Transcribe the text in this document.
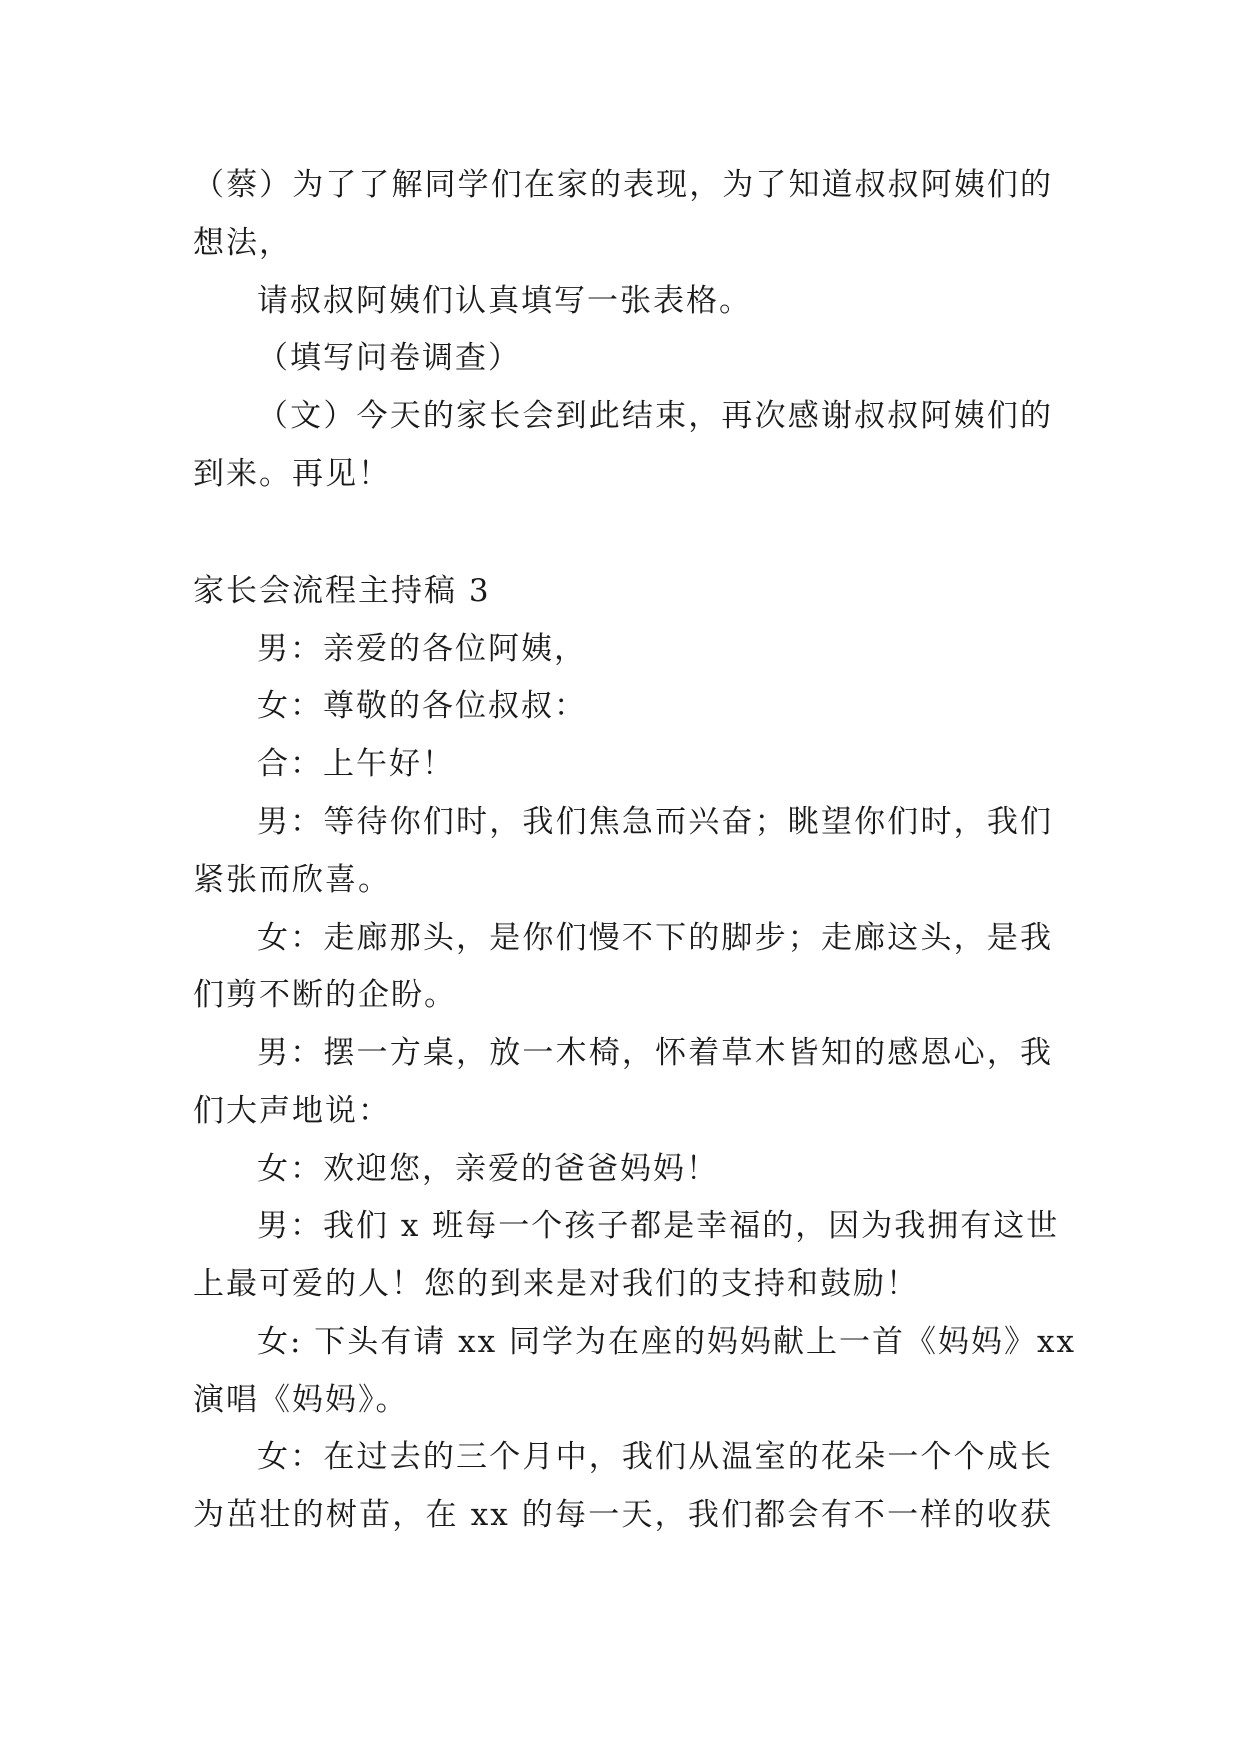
（蔡）为了了解同学们在家的表现，为了知道叔叔阿姨们的
想法，
请叔叔阿姨们认真填写一张表格。
（填写问卷调查）
（文）今天的家长会到此结束，再次感谢叔叔阿姨们的
到来。再见！
家长会流程主持稿 3
男：亲爱的各位阿姨，
女：尊敬的各位叔叔：
合：上午好！
男：等待你们时，我们焦急而兴奋；眺望你们时，我们
紧张而欣喜。
女：走廊那头，是你们慢不下的脚步；走廊这头，是我
们剪不断的企盼。
男：摆一方桌，放一木椅，怀着草木皆知的感恩心，我
们大声地说：
女：欢迎您，亲爱的爸爸妈妈！
男：我们 x 班每一个孩子都是幸福的，因为我拥有这世
上最可爱的人！您的到来是对我们的支持和鼓励！
女: 下头有请 xx 同学为在座的妈妈献上一首《妈妈》xx
演唱《妈妈》。
女：在过去的三个月中，我们从温室的花朵一个个成长
为茁壮的树苗，在 xx 的每一天，我们都会有不一样的收获
